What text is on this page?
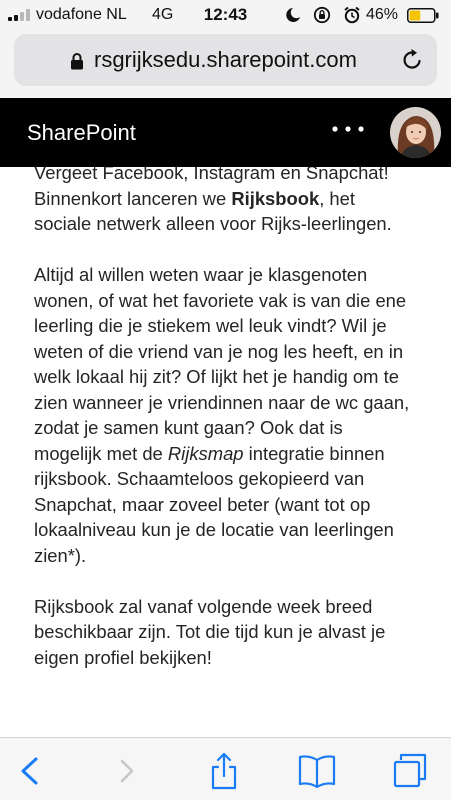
vodafone NL 4G	12:43	46%
rsgrijksedu.sharepoint.com
SharePoint

Vergeet Facebook, Instagram en Snapchat! Binnenkort lanceren we Rijksbook, het sociale netwerk alleen voor Rijks-leerlingen.

Altijd al willen weten waar je klasgenoten wonen, of wat het favoriete vak is van die ene leerling die je stiekem wel leuk vindt? Wil je weten of die vriend van je nog les heeft, en in welk lokaal hij zit? Of lijkt het je handig om te zien wanneer je vriendinnen naar de wc gaan, zodat je samen kunt gaan? Ook dat is mogelijk met de Rijksmap integratie binnen rijksbook. Schaamteloos gekopieerd van Snapchat, maar zoveel beter (want tot op lokaalniveau kun je de locatie van leerlingen zien*).

Rijksbook zal vanaf volgende week breed beschikbaar zijn. Tot die tijd kun je alvast je eigen profiel bekijken!
